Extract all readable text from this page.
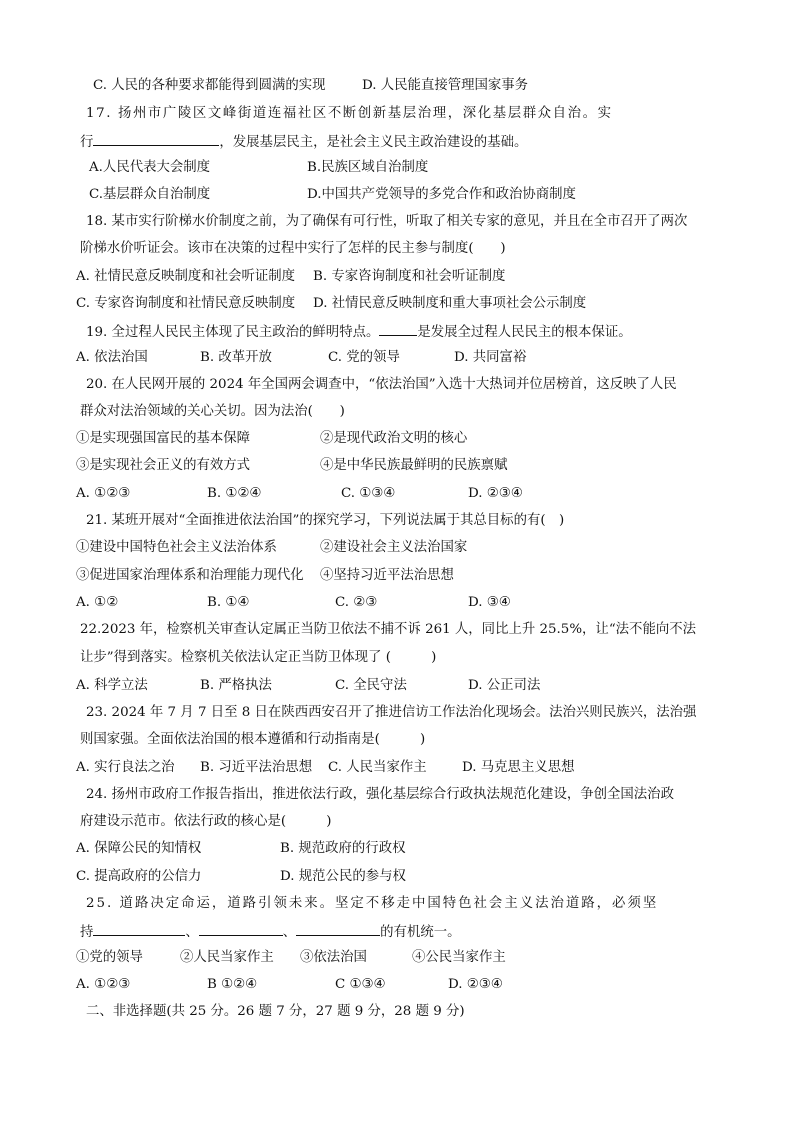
C. 人民的各种要求都能得到圆满的实现	D. 人民能直接管理国家事务
17. 扬州市广陵区文峰街道连福社区不断创新基层治理，深化基层群众自治。实
行	，发展基层民主，是社会主义民主政治建设的基础。
A.人民代表大会制度	B.民族区域自治制度
C.基层群众自治制度	D.中国共产党领导的多党合作和政治协商制度
18. 某市实行阶梯水价制度之前，为了确保有可行性，听取了相关专家的意见，并且在全市召开了两次
阶梯水价听证会。该市在决策的过程中实行了怎样的民主参与制度(　　)
A. 社情民意反映制度和社会听证制度 B. 专家咨询制度和社会听证制度
C. 专家咨询制度和社情民意反映制度 D. 社情民意反映制度和重大事项社会公示制度
19. 全过程人民民主体现了民主政治的鲜明特点。	是发展全过程人民民主的根本保证。
A. 依法治国	B. 改革开放	C. 党的领导	D. 共同富裕
20. 在人民网开展的 2024 年全国两会调查中，“依法治国”入选十大热词并位居榜首，这反映了人民
群众对法治领域的关心关切。因为法治(　　)
①是实现强国富民的基本保障	②是现代政治文明的核心
③是实现社会正义的有效方式	④是中华民族最鲜明的民族禀赋
A. ①②③	B. ①②④	C. ①③④	D. ②③④
21. 某班开展对“全面推进依法治国”的探究学习，下列说法属于其总目标的有(　)
①建设中国特色社会主义法治体系	②建设社会主义法治国家
③促进国家治理体系和治理能力现代化 ④坚持习近平法治思想
A. ①②	B. ①④	C. ②③	D. ③④
22.2023 年，检察机关审查认定属正当防卫依法不捕不诉 261 人，同比上升 25.5%，让“法不能向不法
让步”得到落实。检察机关依法认定正当防卫体现了 (　　　)
A. 科学立法	B. 严格执法	C. 全民守法	D. 公正司法
23. 2024 年 7 月 7 日至 8 日在陕西西安召开了推进信访工作法治化现场会。法治兴则民族兴，法治强
则国家强。全面依法治国的根本遵循和行动指南是(　　　)
A. 实行良法之治 B. 习近平法治思想 C. 人民当家作主	D. 马克思主义思想
24. 扬州市政府工作报告指出，推进依法行政，强化基层综合行政执法规范化建设，争创全国法治政
府建设示范市。依法行政的核心是(　　　)
A. 保障公民的知情权	B. 规范政府的行政权
C. 提高政府的公信力	D. 规范公民的参与权
25. 道路决定命运，道路引领未来。坚定不移走中国特色社会主义法治道路，必须坚
持	、	、	的有机统一。
①党的领导	②人民当家作主 ③依法治国	④公民当家作主
A. ①②③	B ①②④	C ①③④	D. ②③④
二、非选择题(共 25 分。26 题 7 分，27 题 9 分，28 题 9 分)
